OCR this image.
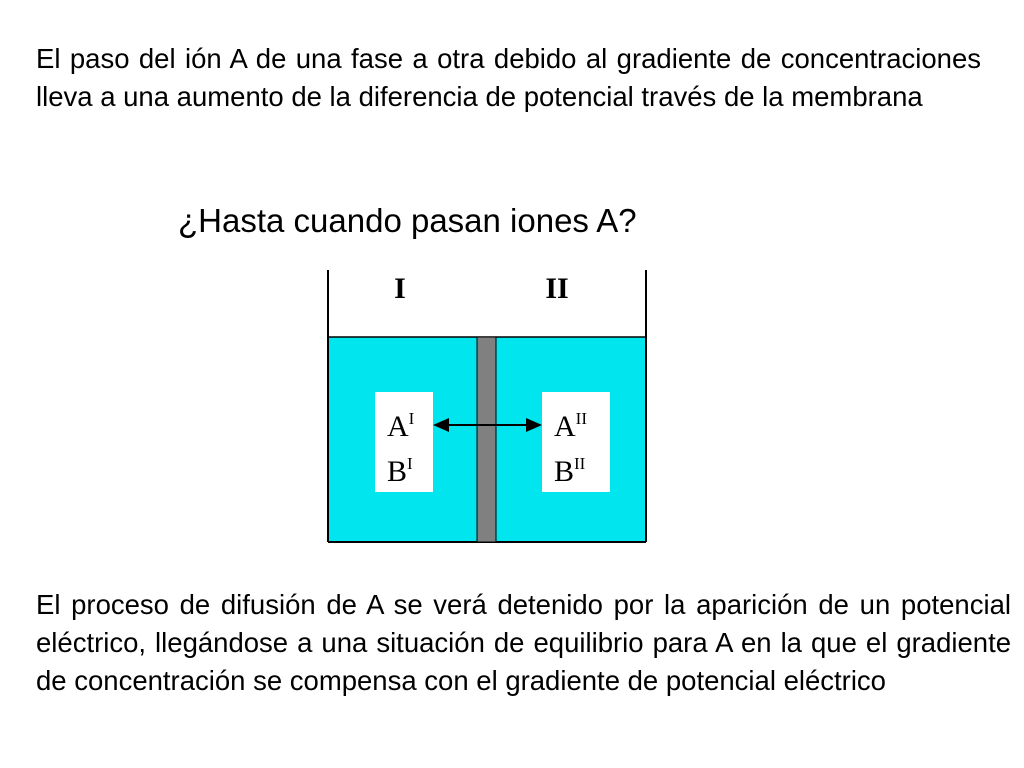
El paso del ión A de una fase a otra debido al gradiente de concentraciones lleva a una aumento de la diferencia de potencial través de la membrana

¿Hasta cuando pasan iones A?

I	II
$A^I$
$B^I$
$A^{II}$
$B^{II}$

El proceso de difusión de A se verá detenido por la aparición de un potencial eléctrico, llegándose a una situación de equilibrio para A en la que el gradiente de concentración se compensa con el gradiente de potencial eléctrico
